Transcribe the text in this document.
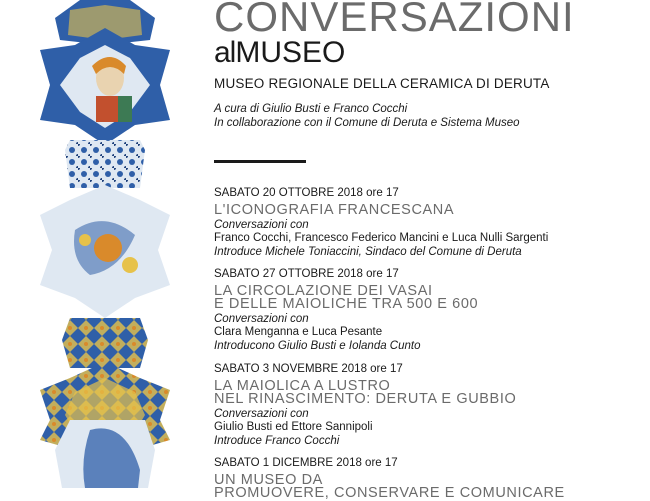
CONVERSAZIONI
alMUSEO
MUSEO REGIONALE DELLA CERAMICA DI DERUTA
A cura di Giulio Busti e Franco Cocchi
In collaborazione con il Comune di Deruta e Sistema Museo
SABATO 20 OTTOBRE 2018 ore 17
L'ICONOGRAFIA FRANCESCANA
Conversazioni con
Franco Cocchi, Francesco Federico Mancini e Luca Nulli Sargenti
Introduce Michele Toniaccini, Sindaco del Comune di Deruta
SABATO 27 OTTOBRE 2018 ore 17
LA CIRCOLAZIONE DEI VASAI
E DELLE MAIOLICHE TRA 500 E 600
Conversazioni con
Clara Menganna e Luca Pesante
Introducono Giulio Busti e Iolanda Cunto
SABATO 3 NOVEMBRE 2018 ore 17
LA MAIOLICA A LUSTRO
NEL RINASCIMENTO: DERUTA E GUBBIO
Conversazioni con
Giulio Busti ed Ettore Sannipoli
Introduce Franco Cocchi
SABATO 1 DICEMBRE 2018 ore 17
UN MUSEO DA
PROMUOVERE, CONSERVARE E COMUNICARE
